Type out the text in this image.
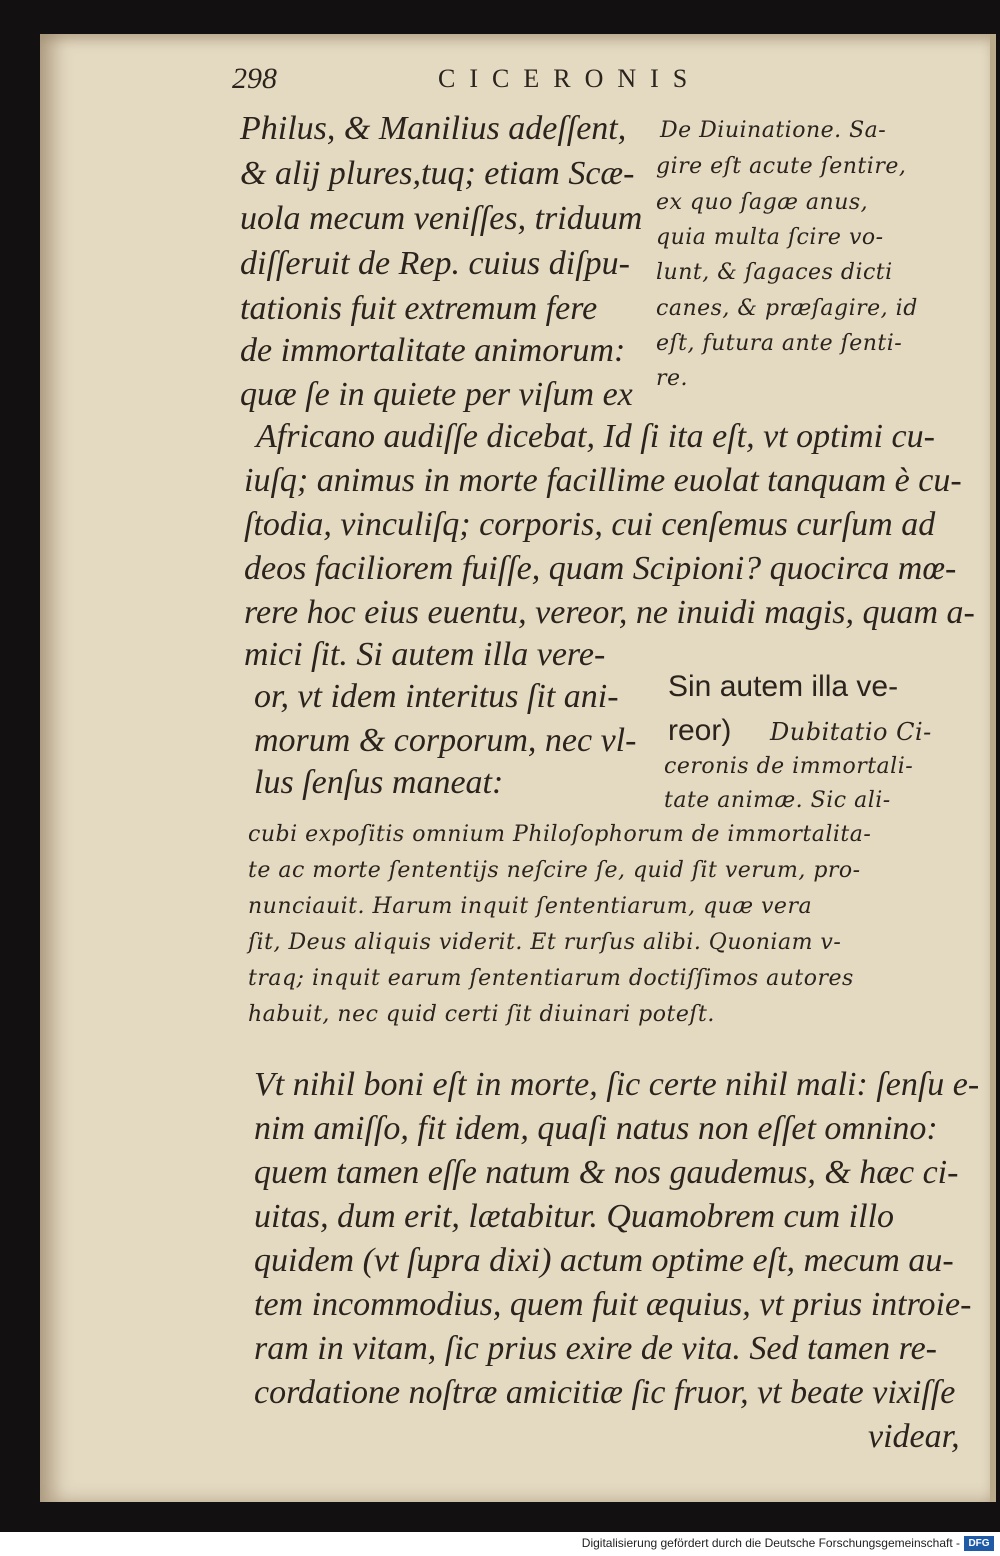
298	CICERONIS
Philus, & Manilius adeſſent,
& alij plures,tuq; etiam Scæ-
uola mecum veniſſes, triduum
diſſeruit de Rep. cuius diſpu-
tationis fuit extremum fere
de immortalitate animorum:
quæ ſe in quiete per viſum ex
De Diuinatione. Sa-
gire eſt acute ſentire,
ex quo ſagæ anus,
quia multa ſcire vo-
lunt, & ſagaces dicti
canes, & præſagire, id
eſt, futura ante ſenti-
re.
Africano audiſſe dicebat, Id ſi ita eſt, vt optimi cu-
iuſq; animus in morte facillime euolat tanquam è cu-
ſtodia, vinculiſq; corporis, cui cenſemus curſum ad
deos faciliorem fuiſſe, quam Scipioni? quocirca mœ-
rere hoc eius euentu, vereor, ne inuidi magis, quam a-
mici ſit. Si autem illa vere-
or, vt idem interitus ſit ani-
morum & corporum, nec vl-
lus ſenſus maneat:
Sin autem illa ve-
reor) Dubitatio Ci-
ceronis de immortali-
tate animæ. Sic ali-
cubi expoſitis omnium Philoſophorum de immortalita-
te ac morte ſententijs neſcire ſe, quid ſit verum, pro-
nunciauit. Harum inquit ſententiarum, quæ vera
ſit, Deus aliquis viderit. Et rurſus alibi. Quoniam v-
traq; inquit earum ſententiarum doctiſſimos autores
habuit, nec quid certi ſit diuinari poteſt.
Vt nihil boni eſt in morte, ſic certe nihil mali: ſenſu e-
nim amiſſo, fit idem, quaſi natus non eſſet omnino:
quem tamen eſſe natum & nos gaudemus, & hæc ci-
uitas, dum erit, lætabitur. Quamobrem cum illo
quidem (vt ſupra dixi) actum optime eſt, mecum au-
tem incommodius, quem fuit æquius, vt prius introie-
ram in vitam, ſic prius exire de vita. Sed tamen re-
cordatione noſtræ amicitiæ ſic fruor, vt beate vixiſſe
videar,
Digitalisierung gefördert durch die Deutsche Forschungsgemeinschaft - DFG
